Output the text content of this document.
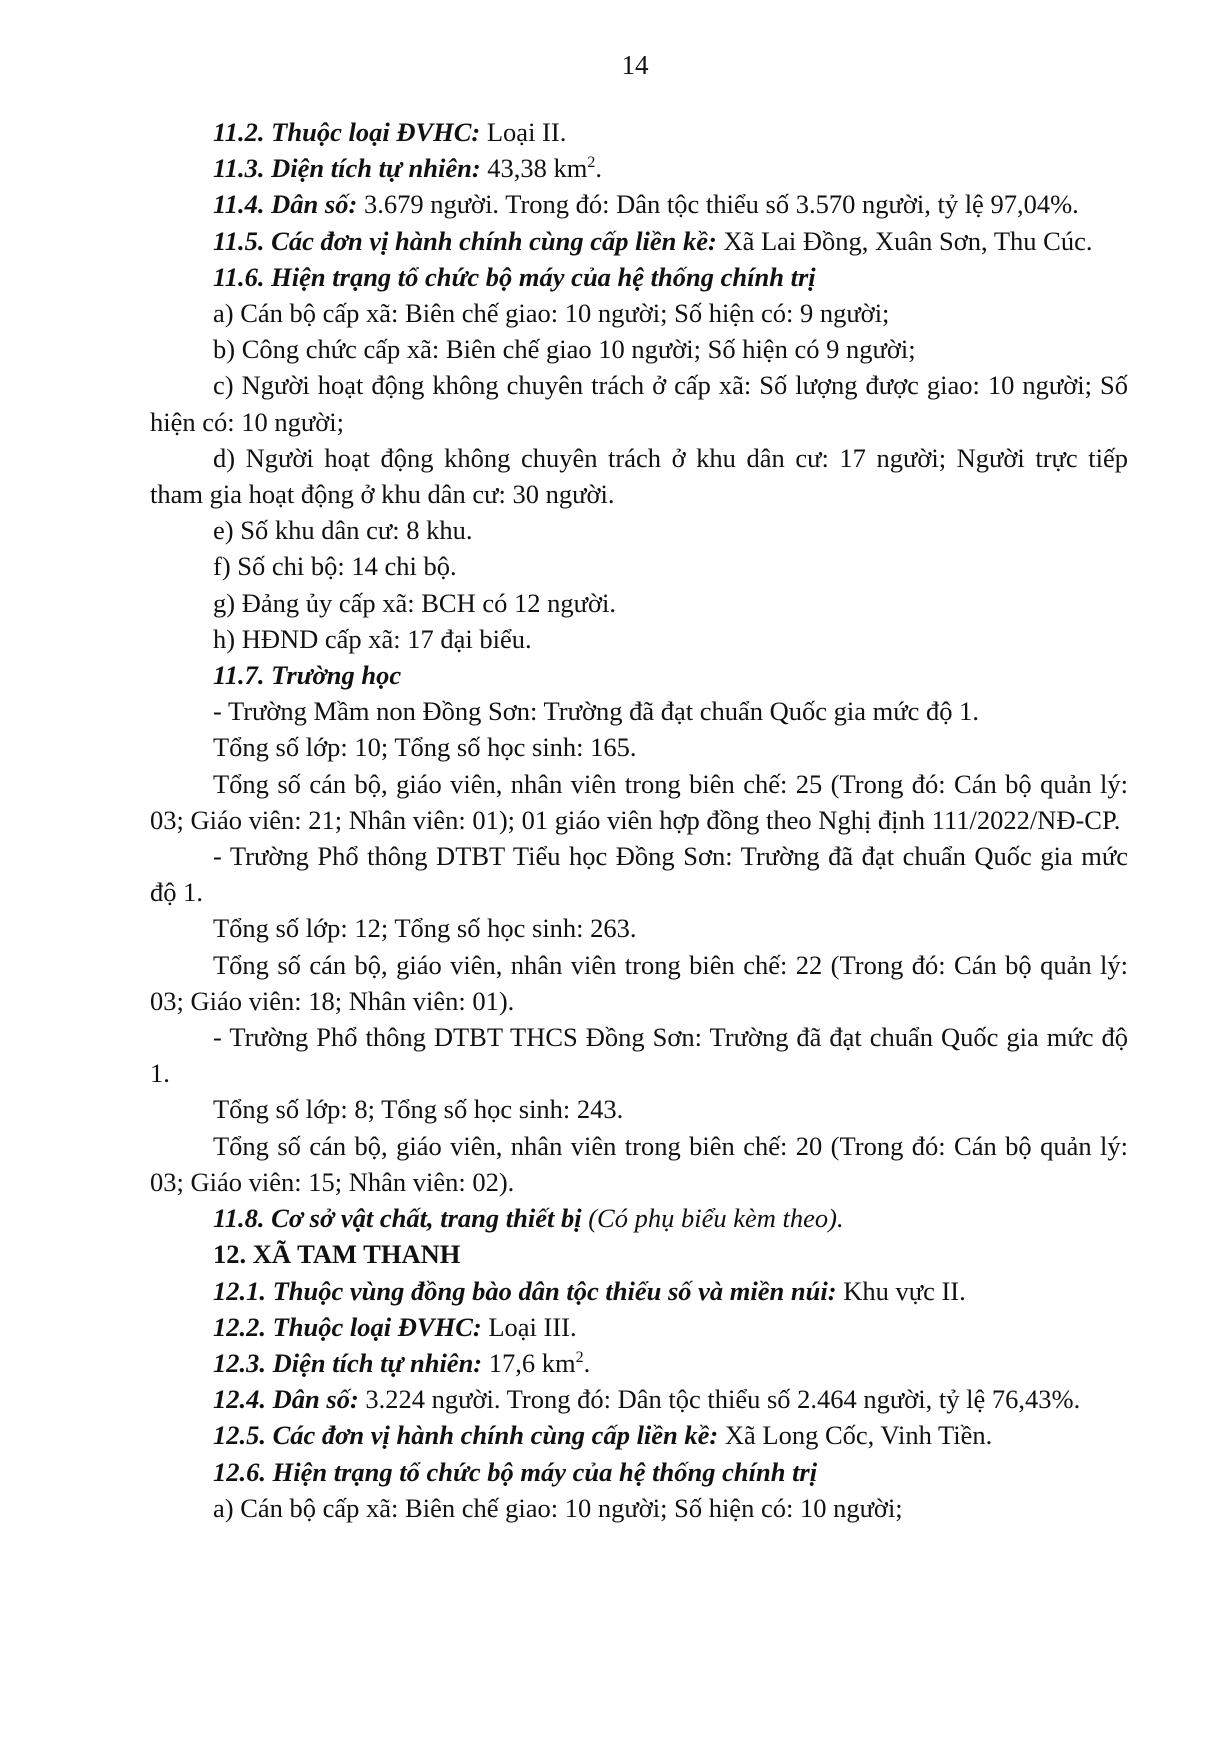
14

11.2. Thuộc loại ĐVHC: Loại II.

11.3. Diện tích tự nhiên: 43,38 $km^2$.

11.4. Dân số: 3.679 người. Trong đó: Dân tộc thiểu số 3.570 người, tỷ lệ 97,04%.

11.5. Các đơn vị hành chính cùng cấp liền kề: Xã Lai Đồng, Xuân Sơn, Thu Cúc.

11.6. Hiện trạng tổ chức bộ máy của hệ thống chính trị

a) Cán bộ cấp xã: Biên chế giao: 10 người; Số hiện có: 9 người;

b) Công chức cấp xã: Biên chế giao 10 người; Số hiện có 9 người;

c) Người hoạt động không chuyên trách ở cấp xã: Số lượng được giao: 10 người; Số hiện có: 10 người;

d) Người hoạt động không chuyên trách ở khu dân cư: 17 người; Người trực tiếp tham gia hoạt động ở khu dân cư: 30 người.

e) Số khu dân cư: 8 khu.

f) Số chi bộ: 14 chi bộ.

g) Đảng ủy cấp xã: BCH có 12 người.

h) HĐND cấp xã: 17 đại biểu.

11.7. Trường học

- Trường Mầm non Đồng Sơn: Trường đã đạt chuẩn Quốc gia mức độ 1.

Tổng số lớp: 10; Tổng số học sinh: 165.

Tổng số cán bộ, giáo viên, nhân viên trong biên chế: 25 (Trong đó: Cán bộ quản lý: 03; Giáo viên: 21; Nhân viên: 01); 01 giáo viên hợp đồng theo Nghị định 111/2022/NĐ-CP.

- Trường Phổ thông DTBT Tiểu học Đồng Sơn: Trường đã đạt chuẩn Quốc gia mức độ 1.

Tổng số lớp: 12; Tổng số học sinh: 263.

Tổng số cán bộ, giáo viên, nhân viên trong biên chế: 22 (Trong đó: Cán bộ quản lý: 03; Giáo viên: 18; Nhân viên: 01).

- Trường Phổ thông DTBT THCS Đồng Sơn: Trường đã đạt chuẩn Quốc gia mức độ 1.

Tổng số lớp: 8; Tổng số học sinh: 243.

Tổng số cán bộ, giáo viên, nhân viên trong biên chế: 20 (Trong đó: Cán bộ quản lý: 03; Giáo viên: 15; Nhân viên: 02).

11.8. Cơ sở vật chất, trang thiết bị (Có phụ biểu kèm theo).

12. XÃ TAM THANH

12.1. Thuộc vùng đồng bào dân tộc thiểu số và miền núi: Khu vực II.

12.2. Thuộc loại ĐVHC: Loại III.

12.3. Diện tích tự nhiên: 17,6 $km^2$.

12.4. Dân số: 3.224 người. Trong đó: Dân tộc thiểu số 2.464 người, tỷ lệ 76,43%.

12.5. Các đơn vị hành chính cùng cấp liền kề: Xã Long Cốc, Vinh Tiền.

12.6. Hiện trạng tổ chức bộ máy của hệ thống chính trị

a) Cán bộ cấp xã: Biên chế giao: 10 người; Số hiện có: 10 người;
